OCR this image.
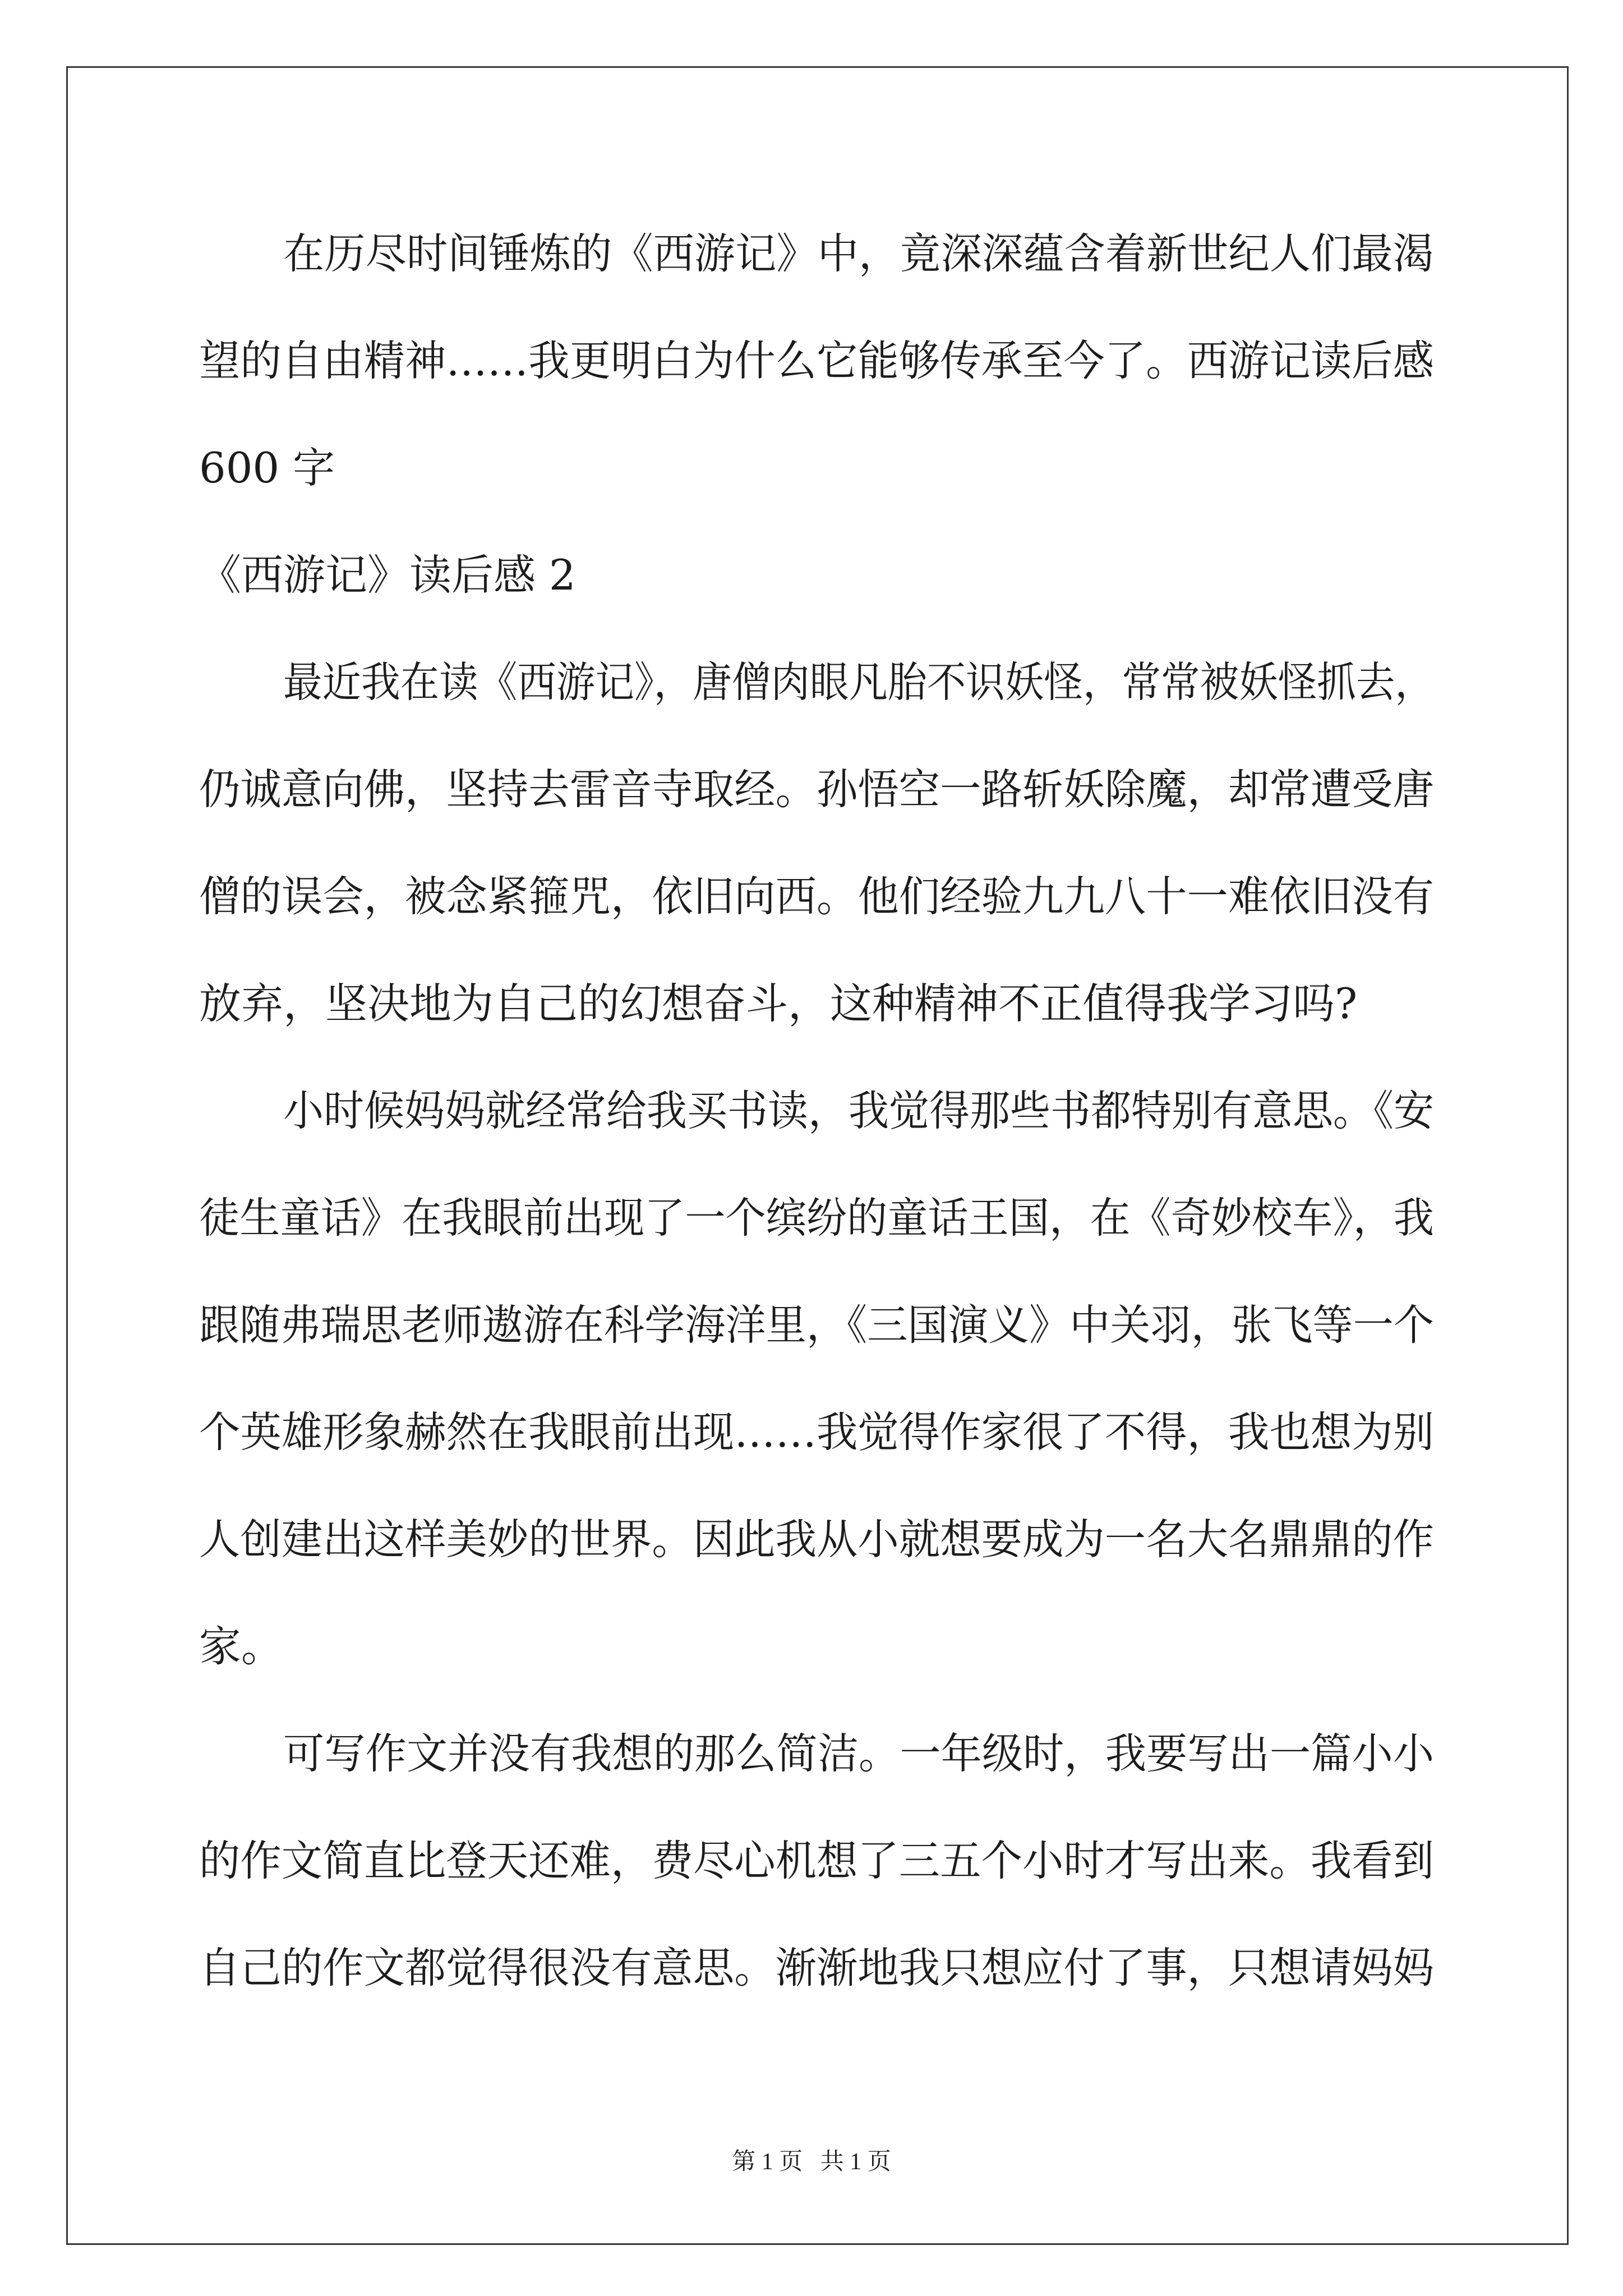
在历尽时间锤炼的《西游记》中，竟深深蕴含着新世纪人们最渴
望的自由精神……我更明白为什么它能够传承至今了。西游记读后感
600 字
《西游记》读后感 2
最近我在读《西游记》，唐僧肉眼凡胎不识妖怪，常常被妖怪抓去，
仍诚意向佛，坚持去雷音寺取经。孙悟空一路斩妖除魔，却常遭受唐
僧的误会，被念紧箍咒，依旧向西。他们经验九九八十一难依旧没有
放弃，坚决地为自己的幻想奋斗，这种精神不正值得我学习吗?
小时候妈妈就经常给我买书读，我觉得那些书都特别有意思。《安
徒生童话》在我眼前出现了一个缤纷的童话王国，在《奇妙校车》，我
跟随弗瑞思老师遨游在科学海洋里，《三国演义》中关羽，张飞等一个
个英雄形象赫然在我眼前出现……我觉得作家很了不得，我也想为别
人创建出这样美妙的世界。因此我从小就想要成为一名大名鼎鼎的作
家。
可写作文并没有我想的那么简洁。一年级时，我要写出一篇小小
的作文简直比登天还难，费尽心机想了三五个小时才写出来。我看到
自己的作文都觉得很没有意思。渐渐地我只想应付了事，只想请妈妈
第 1 页   共 1 页
